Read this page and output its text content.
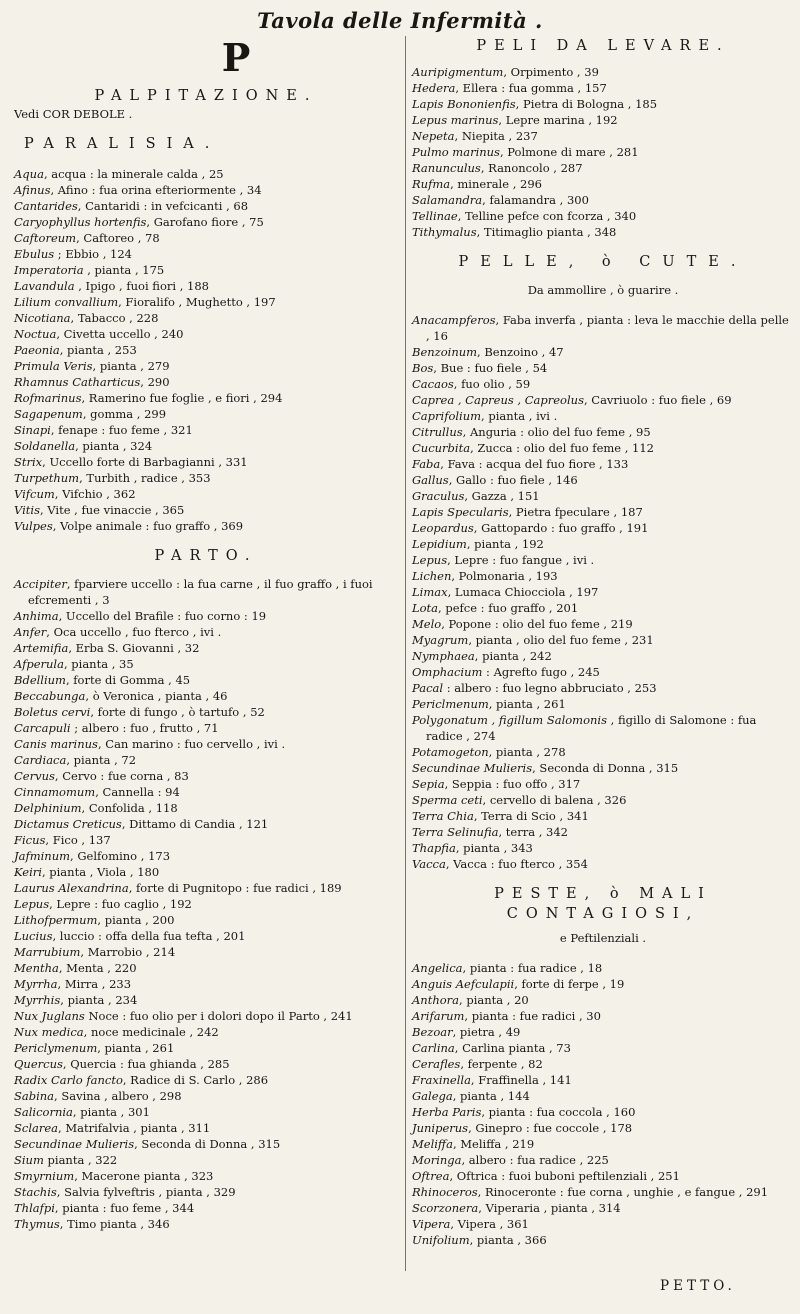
Tavola delle Infermità .
P
PALPITAZIONE.
Vedi COR DEBOLE .
PARALISIA.
Aqua, acqua : la minerale calda , 25
Afinus, Afino : fua orina efteriormente , 34
Cantarides, Cantaridi : in vefcicanti , 68
Caryophyllus hortenfis, Garofano fiore , 75
Caftoreum, Caftoreo , 78
Ebulus ; Ebbio , 124
Imperatoria , pianta , 175
Lavandula , Ipigo , fuoi fiori , 188
Lilium convallium, Fioralifo , Mughetto , 197
Nicotiana, Tabacco , 228
Noctua, Civetta uccello , 240
Paeonia, pianta , 253
Primula Veris, pianta , 279
Rhamnus Catharticus, 290
Rofmarinus, Ramerino fue foglie , e fiori , 294
Sagapenum, gomma , 299
Sinapi, fenape : fuo feme , 321
Soldanella, pianta , 324
Strix, Uccello forte di Barbagianni , 331
Turpethum, Turbith , radice , 353
Vifcum, Vifchio , 362
Vitis, Vite , fue vinaccie , 365
Vulpes, Volpe animale : fuo graffo , 369
PARTO.
Accipiter, fparviere uccello : la fua carne , il fuo graffo , i fuoi efcrementi , 3
Anhima, Uccello del Brafile : fuo corno : 19
Anfer, Oca uccello , fuo fterco , ivi .
Artemifia, Erba S. Giovanni , 32
Afperula, pianta , 35
Bdellium, forte di Gomma , 45
Beccabunga, ò Veronica , pianta , 46
Boletus cervi, forte di fungo , ò tartufo , 52
Carcapuli ; albero : fuo , frutto , 71
Canis marinus, Can marino : fuo cervello , ivi .
Cardiaca, pianta , 72
Cervus, Cervo : fue corna , 83
Cinnamomum, Cannella : 94
Delphinium, Confolida , 118
Dictamus Creticus, Dittamo di Candia , 121
Ficus, Fico , 137
Jafminum, Gelfomino , 173
Keiri, pianta , Viola , 180
Laurus Alexandrina, forte di Pugnitopo : fue radici , 189
Lepus, Lepre : fuo caglio , 192
Lithofpermum, pianta , 200
Lucius, luccio : offa della fua tefta , 201
Marrubium, Marrobio , 214
Mentha, Menta , 220
Myrrha, Mirra , 233
Myrrhis, pianta , 234
Nux Juglans Noce : fuo olio per i dolori dopo il Parto , 241
Nux medica, noce medicinale , 242
Periclymenum, pianta , 261
Quercus, Quercia : fua ghianda , 285
Radix Carlo fancto, Radice di S. Carlo , 286
Sabina, Savina , albero , 298
Salicornia, pianta , 301
Sclarea, Matrifalvia , pianta , 311
Secundinae Mulieris, Seconda di Donna , 315
Sium pianta , 322
Smyrnium, Macerone pianta , 323
Stachis, Salvia fylveftris , pianta , 329
Thlafpi, pianta : fuo feme , 344
Thymus, Timo pianta , 346
PELI DA LEVARE.
Auripigmentum, Orpimento , 39
Hedera, Ellera : fua gomma , 157
Lapis Bononienfis, Pietra di Bologna , 185
Lepus marinus, Lepre marina , 192
Nepeta, Niepita , 237
Pulmo marinus, Polmone di mare , 281
Ranunculus, Ranoncolo , 287
Rufma, minerale , 296
Salamandra, falamandra , 300
Tellinae, Telline pefce con fcorza , 340
Tithymalus, Titimaglio pianta , 348
PELLE, ò CUTE.
Da ammollire , ò guarire .
Anacampferos, Faba inverfa , pianta : leva le macchie della pelle , 16
Benzoinum, Benzoino , 47
Bos, Bue : fuo fiele , 54
Cacaos, fuo olio , 59
Caprea , Capreus , Capreolus, Cavriuolo : fuo fiele , 69
Caprifolium, pianta , ivi .
Citrullus, Anguria : olio del fuo feme , 95
Cucurbita, Zucca : olio del fuo feme , 112
Faba, Fava : acqua del fuo fiore , 133
Gallus, Gallo : fuo fiele , 146
Graculus, Gazza , 151
Lapis Specularis, Pietra fpeculare , 187
Leopardus, Gattopardo : fuo graffo , 191
Lepidium, pianta , 192
Lepus, Lepre : fuo fangue , ivi .
Lichen, Polmonaria , 193
Limax, Lumaca Chiocciola , 197
Lota, pefce : fuo graffo , 201
Melo, Popone : olio del fuo feme , 219
Myagrum, pianta , olio del fuo feme , 231
Nymphaea, pianta , 242
Omphacium : Agrefto fugo , 245
Pacal : albero : fuo legno abbruciato , 253
Periclmenum, pianta , 261
Polygonatum , figillum Salomonis , figillo di Salomone : fua radice , 274
Potamogeton, pianta , 278
Secundinae Mulieris, Seconda di Donna , 315
Sepia, Seppia : fuo offo , 317
Sperma ceti, cervello di balena , 326
Terra Chia, Terra di Scio , 341
Terra Selinufia, terra , 342
Thapfia, pianta , 343
Vacca, Vacca : fuo fterco , 354
PESTE, ò MALI CONTAGIOSI,
e Peftilenziali .
Angelica, pianta : fua radice , 18
Anguis Aefculapii, forte di ferpe , 19
Anthora, pianta , 20
Arifarum, pianta : fue radici , 30
Bezoar, pietra , 49
Carlina, Carlina pianta , 73
Cerafles, ferpente , 82
Fraxinella, Fraffinella , 141
Galega, pianta , 144
Herba Paris, pianta : fua coccola , 160
Juniperus, Ginepro : fue coccole , 178
Meliffa, Meliffa , 219
Moringa, albero : fua radice , 225
Oftrea, Oftrica : fuoi buboni peftilenziali , 251
Rhinoceros, Rinoceronte : fue corna , unghie , e fangue , 291
Scorzonera, Viperaria , pianta , 314
Vipera, Vipera , 361
Unifolium, pianta , 366
PETTO.
